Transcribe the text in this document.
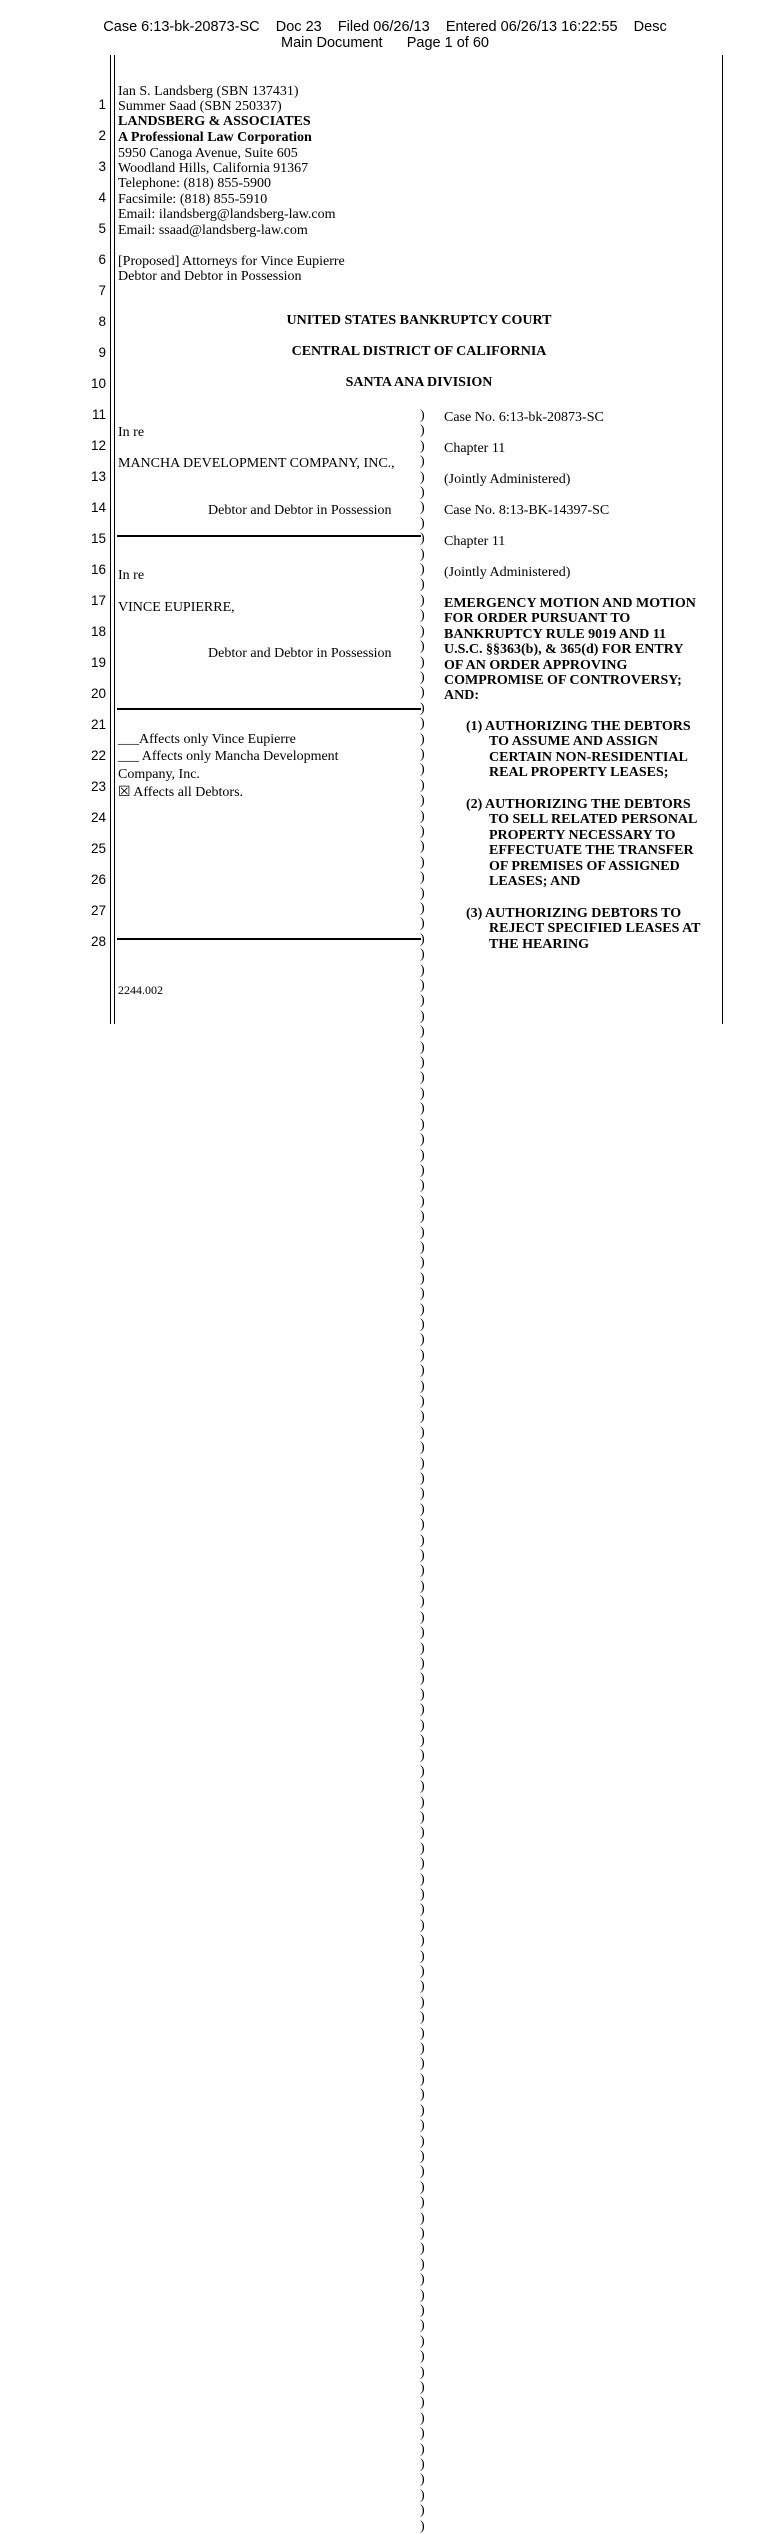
Case 6:13-bk-20873-SC    Doc 23    Filed 06/26/13    Entered 06/26/13 16:22:55    Desc
Main Document      Page 1 of 60
1
2
3
4
5
6
7
8
9
10
11
12
13
14
15
16
17
18
19
20
21
22
23
24
25
26
27
28
Ian S. Landsberg (SBN 137431)
Summer Saad (SBN 250337)
LANDSBERG & ASSOCIATES
A Professional Law Corporation
5950 Canoga Avenue, Suite 605
Woodland Hills, California 91367
Telephone: (818) 855-5900
Facsimile: (818) 855-5910
Email: ilandsberg@landsberg-law.com
Email: ssaad@landsberg-law.com
[Proposed] Attorneys for Vince Eupierre
Debtor and Debtor in Possession
UNITED STATES BANKRUPTCY COURT
CENTRAL DISTRICT OF CALIFORNIA
SANTA ANA DIVISION
In re
MANCHA DEVELOPMENT COMPANY, INC.,
Debtor and Debtor in Possession
In re
VINCE EUPIERRE,
Debtor and Debtor in Possession
___Affects only Vince Eupierre
___ Affects only Mancha Development
Company, Inc.
☒ Affects all Debtors.
)
)
)
)
)
)
)
)
)
)
)
)
)
)
)
)
)
)
)
)
)
)
)
)
)
)
)
)
)
)
)
)
)
)
)
)
)
)
)
)
)
)
)
)
)
)
)
)
)
)
)
)
)
)
)
)
)
)
)
)
)
)
)
)
)
)
)
)
)
)
)
)
)
)
)
)
)
)
)
)
)
)
)
)
)
)
)
)
)
)
)
)
)
)
)
)
)
)
)
)
)
)
)
)
)
)
)
)
)
)
)
)
)
)
)
)
)
)
)
)
)
)
)
)
)
)
)
)
)
)
)
)
)
)
)
)
)
)
Case No. 6:13-bk-20873-SC
Chapter 11
(Jointly Administered)
Case No. 8:13-BK-14397-SC
Chapter 11
(Jointly Administered)
EMERGENCY MOTION AND MOTION
FOR ORDER PURSUANT TO
BANKRUPTCY RULE 9019 AND 11
U.S.C. §§363(b), & 365(d) FOR ENTRY
OF AN ORDER APPROVING
COMPROMISE OF CONTROVERSY;
AND:
(1) AUTHORIZING THE DEBTORS
TO ASSUME AND ASSIGN
CERTAIN NON-RESIDENTIAL
REAL PROPERTY LEASES;
(2) AUTHORIZING THE DEBTORS
TO SELL RELATED PERSONAL
PROPERTY NECESSARY TO
EFFECTUATE THE TRANSFER
OF PREMISES OF ASSIGNED
LEASES; AND
(3) AUTHORIZING DEBTORS TO
REJECT SPECIFIED LEASES AT
THE HEARING
2244.002
